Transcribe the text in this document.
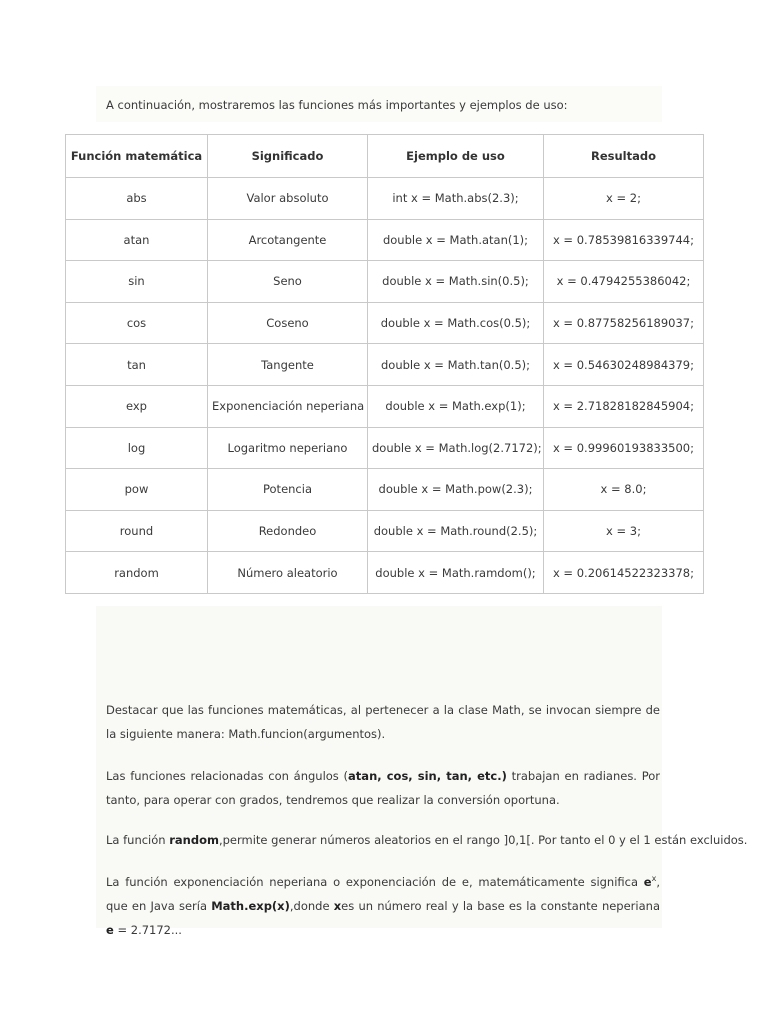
A continuación, mostraremos las funciones más importantes y ejemplos de uso:
Función matemática	Significado	Ejemplo de uso	Resultado
abs	Valor absoluto	int x = Math.abs(2.3);	x = 2;
atan	Arcotangente	double x = Math.atan(1);	x = 0.78539816339744;
sin	Seno	double x = Math.sin(0.5);	x = 0.4794255386042;
cos	Coseno	double x = Math.cos(0.5);	x = 0.87758256189037;
tan	Tangente	double x = Math.tan(0.5);	x = 0.54630248984379;
exp	Exponenciación neperiana	double x = Math.exp(1);	x = 2.71828182845904;
log	Logaritmo neperiano	double x = Math.log(2.7172);	x = 0.99960193833500;
pow	Potencia	double x = Math.pow(2.3);	x = 8.0;
round	Redondeo	double x = Math.round(2.5);	x = 3;
random	Número aleatorio	double x = Math.ramdom();	x = 0.20614522323378;

Destacar que las funciones matemáticas, al pertenecer a la clase Math, se invocan siempre de la siguiente manera: Math.funcion(argumentos).

Las funciones relacionadas con ángulos (atan, cos, sin, tan, etc.) trabajan en radianes. Por tanto, para operar con grados, tendremos que realizar la conversión oportuna.

La función random,permite generar números aleatorios en el rango ]0,1[. Por tanto el 0 y el 1 están excluidos.

La función exponenciación neperiana o exponenciación de e, matemáticamente significa $e^x$, que en Java sería Math.exp(x),donde xes un número real y la base es la constante neperiana e = 2.7172...
